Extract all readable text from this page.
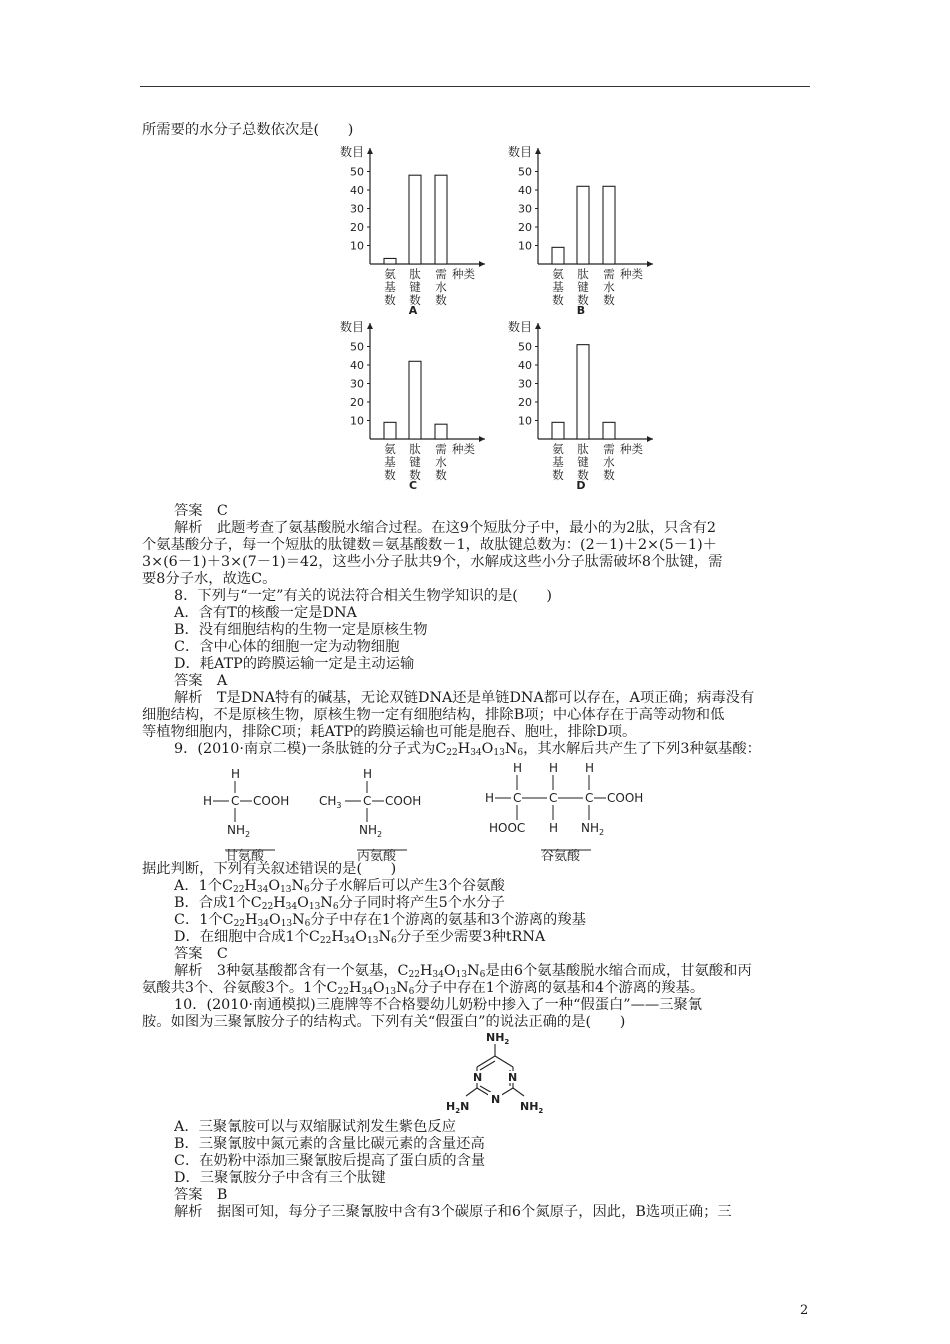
所需要的水分子总数依次是(　　)
数目
50
40
30
20
10
氨
基
数
肽
键
数
需
水
数
种类
A
数目
50
40
30
20
10
氨
基
数
肽
键
数
需
水
数
种类
B
数目
50
40
30
20
10
氨
基
数
肽
键
数
需
水
数
种类
C
数目
50
40
30
20
10
氨
基
数
肽
键
数
需
水
数
种类
D
答案　C
解析　此题考查了氨基酸脱水缩合过程。在这9个短肽分子中，最小的为2肽，只含有2
个氨基酸分子，每一个短肽的肽键数＝氨基酸数－1，故肽键总数为：(2－1)＋2×(5－1)＋
3×(6－1)＋3×(7－1)＝42，这些小分子肽共9个，水解成这些小分子肽需破坏8个肽键，需
要8分子水，故选C。
8．下列与“一定”有关的说法符合相关生物学知识的是(　　)
A．含有T的核酸一定是DNA
B．没有细胞结构的生物一定是原核生物
C．含中心体的细胞一定为动物细胞
D．耗ATP的跨膜运输一定是主动运输
答案　A
解析　T是DNA特有的碱基，无论双链DNA还是单链DNA都可以存在，A项正确；病毒没有
细胞结构，不是原核生物，原核生物一定有细胞结构，排除B项；中心体存在于高等动物和低
等植物细胞内，排除C项；耗ATP的跨膜运输也可能是胞吞、胞吐，排除D项。
9．(2010·南京二模)一条肽链的分子式为$C_{22}H_{34}O_{13}N_6$，其水解后共产生了下列3种氨基酸：
H
H C COOH
$NH_2$
甘氨酸
H
$CH_3$ C COOH
$NH_2$
丙氨酸
H H H
H C C C COOH
HOOC H $NH_2$
谷氨酸
据此判断，下列有关叙述错误的是(　　)
A．1个$C_{22}H_{34}O_{13}N_6$分子水解后可以产生3个谷氨酸
B．合成1个$C_{22}H_{34}O_{13}N_6$分子同时将产生5个水分子
C．1个$C_{22}H_{34}O_{13}N_6$分子中存在1个游离的氨基和3个游离的羧基
D．在细胞中合成1个$C_{22}H_{34}O_{13}N_6$分子至少需要3种tRNA
答案　C
解析　3种氨基酸都含有一个氨基，$C_{22}H_{34}O_{13}N_6$是由6个氨基酸脱水缩合而成，甘氨酸和丙
氨酸共3个、谷氨酸3个。1个$C_{22}H_{34}O_{13}N_6$分子中存在1个游离的氨基和4个游离的羧基。
10．(2010·南通模拟)三鹿牌等不合格婴幼儿奶粉中掺入了一种“假蛋白”——三聚氰
胺。如图为三聚氰胺分子的结构式。下列有关“假蛋白”的说法正确的是(　　)
$NH_2$
N
N
N
$H_2N$	$NH_2$
A．三聚氰胺可以与双缩脲试剂发生紫色反应
B．三聚氰胺中氮元素的含量比碳元素的含量还高
C．在奶粉中添加三聚氰胺后提高了蛋白质的含量
D．三聚氰胺分子中含有三个肽键
答案　B
解析　据图可知，每分子三聚氰胺中含有3个碳原子和6个氮原子，因此，B选项正确；三
2
